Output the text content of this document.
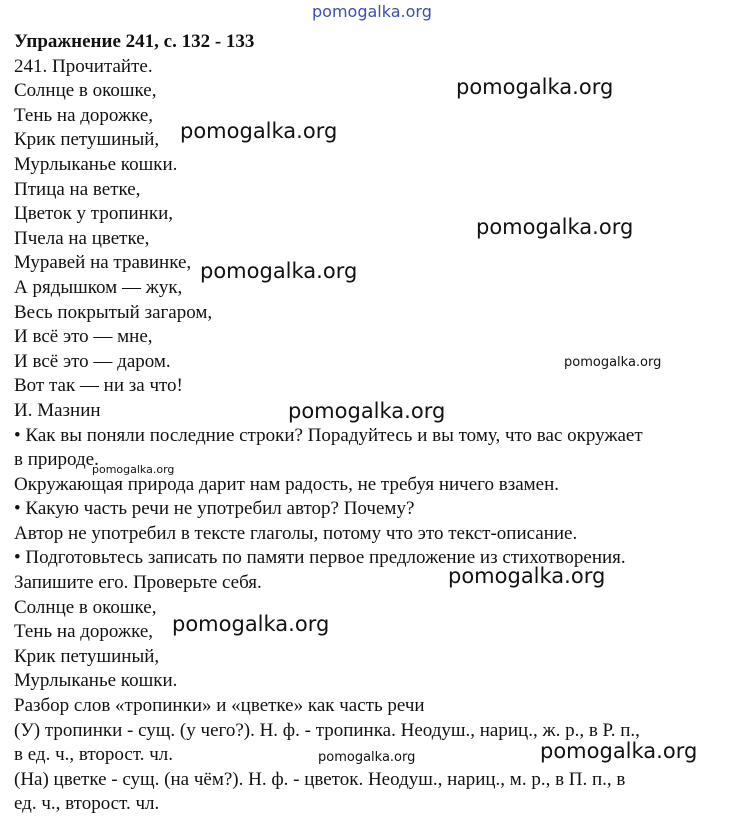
pomogalka.org
Упражнение 241, с. 132 - 133
241. Прочитайте.
Солнце в окошке,
Тень на дорожке,
Крик петушиный,
Мурлыканье кошки.
Птица на ветке,
Цветок у тропинки,
Пчела на цветке,
Муравей на травинке,
А рядышком — жук,
Весь покрытый загаром,
И всё это — мне,
И всё это — даром.
Вот так — ни за что!
И. Мазнин
• Как вы поняли последние строки? Порадуйтесь и вы тому, что вас окружает
в природе.
Окружающая природа дарит нам радость, не требуя ничего взамен.
• Какую часть речи не употребил автор? Почему?
Автор не употребил в тексте глаголы, потому что это текст-описание.
• Подготовьтесь записать по памяти первое предложение из стихотворения.
Запишите его. Проверьте себя.
Солнце в окошке,
Тень на дорожке,
Крик петушиный,
Мурлыканье кошки.
Разбор слов «тропинки» и «цветке» как часть речи
(У) тропинки - сущ. (у чего?). Н. ф. - тропинка. Неодуш., нариц., ж. р., в Р. п.,
в ед. ч., второст. чл.
(На) цветке - сущ. (на чём?). Н. ф. - цветок. Неодуш., нариц., м. р., в П. п., в
ед. ч., второст. чл.
pomogalka.org
pomogalka.org
pomogalka.org
pomogalka.org
pomogalka.org
pomogalka.org
pomogalka.org
pomogalka.org
pomogalka.org
pomogalka.org	pomogalka.org
